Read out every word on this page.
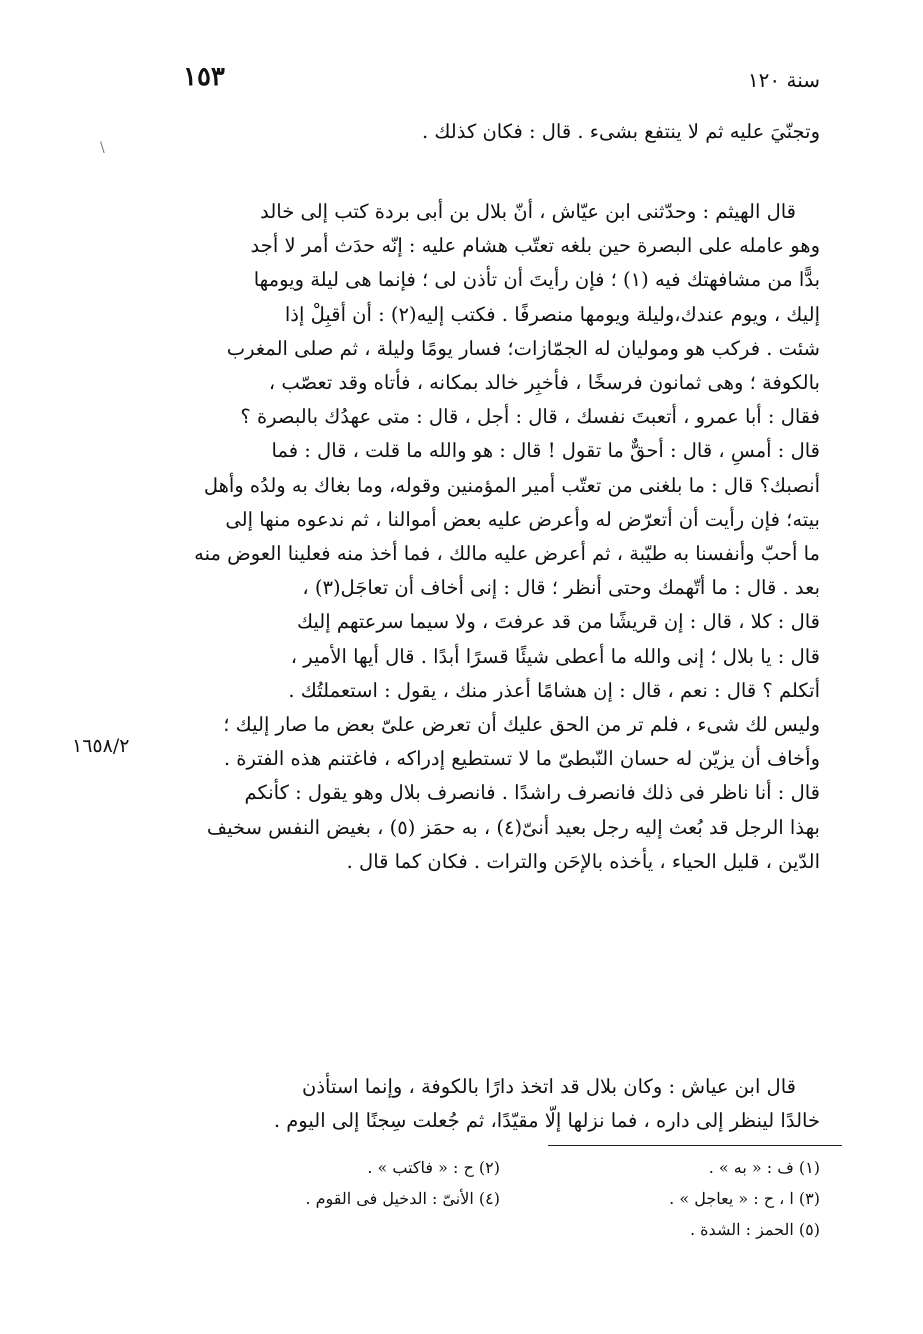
١٥٣	سنة ١٢٠
\

وتجنّيَ عليه ثم لا ينتفع بشىء . قال : فكان كذلك .

قال الهيثم : وحدّثنى ابن عيّاش ، أنّ بلال بن أبى بردة كتب إلى خالد

وهو عامله على البصرة حين بلغه تعتّب هشام عليه : إنّه حدَث أمر لا أجد

بدًّا من مشافهتك فيه (١) ؛ فإن رأيتَ أن تأذن لى ؛ فإنما هى ليلة ويومها

إليك ، ويوم عندك،وليلة ويومها منصرفًا . فكتب إليه(٢) : أن أقبِلْ إذا

شئت . فركب هو وموليان له الجمّازات؛ فسار يومًا وليلة ، ثم صلى المغرب

بالكوفة ؛ وهى ثمانون فرسخًا ، فأخبِر خالد بمكانه ، فأتاه وقد تعصّب ،

فقال : أبا عمرو ، أتعبتَ نفسك ، قال : أجل ، قال : متى عهدُك بالبصرة ؟

قال : أمسِ ، قال : أحقٌّ ما تقول ! قال : هو والله ما قلت ، قال : فما

أنصبك؟ قال : ما بلغنى من تعتّب أمير المؤمنين وقوله، وما بغاك به ولدُه وأهل

بيته؛ فإن رأيت أن أتعرّض له وأعرض عليه بعض أموالنا ، ثم ندعوه منها إلى

ما أحبّ وأنفسنا به طيّبة ، ثم أعرض عليه مالك ، فما أخذ منه فعلينا العوض منه

بعد . قال : ما أتّهمك وحتى أنظر ؛ قال : إنى أخاف أن تعاجَل(٣) ،

قال : كلا ، قال : إن قريشًا من قد عرفتَ ، ولا سيما سرعتهم إليك

قال : يا بلال ؛ إنى والله ما أعطى شيئًا قسرًا أبدًا . قال أيها الأمير ،

أتكلم ؟ قال : نعم ، قال : إن هشامًا أعذر منك ، يقول : استعملتُك .

وليس لك شىء ، فلم تر من الحق عليك أن تعرض علىّ بعض ما صار إليك ؛

وأخاف أن يزيّن له حسان النّبطىّ ما لا تستطيع إدراكه ، فاغتنم هذه الفترة .

قال : أنا ناظر فى ذلك فانصرف راشدًا . فانصرف بلال وهو يقول : كأنكم

بهذا الرجل قد بُعث إليه رجل بعيد أنىّ(٤) ، به حمَز (٥) ، بغيض النفس سخيف

الدّين ، قليل الحياء ، يأخذه بالإحَن والترات . فكان كما قال .

١٦٥٨/٢

قال ابن عياش : وكان بلال قد اتخذ دارًا بالكوفة ، وإنما استأذن

خالدًا لينظر إلى داره ، فما نزلها إلّا مقيّدًا، ثم جُعلت سِجنًا إلى اليوم .

(١) ف : « به » .
(٢) ح : « فاكتب » .
(٣) ا ، ح : « يعاجل » .
(٤) الأنىّ : الدخيل فى القوم .
(٥) الحمز : الشدة .
